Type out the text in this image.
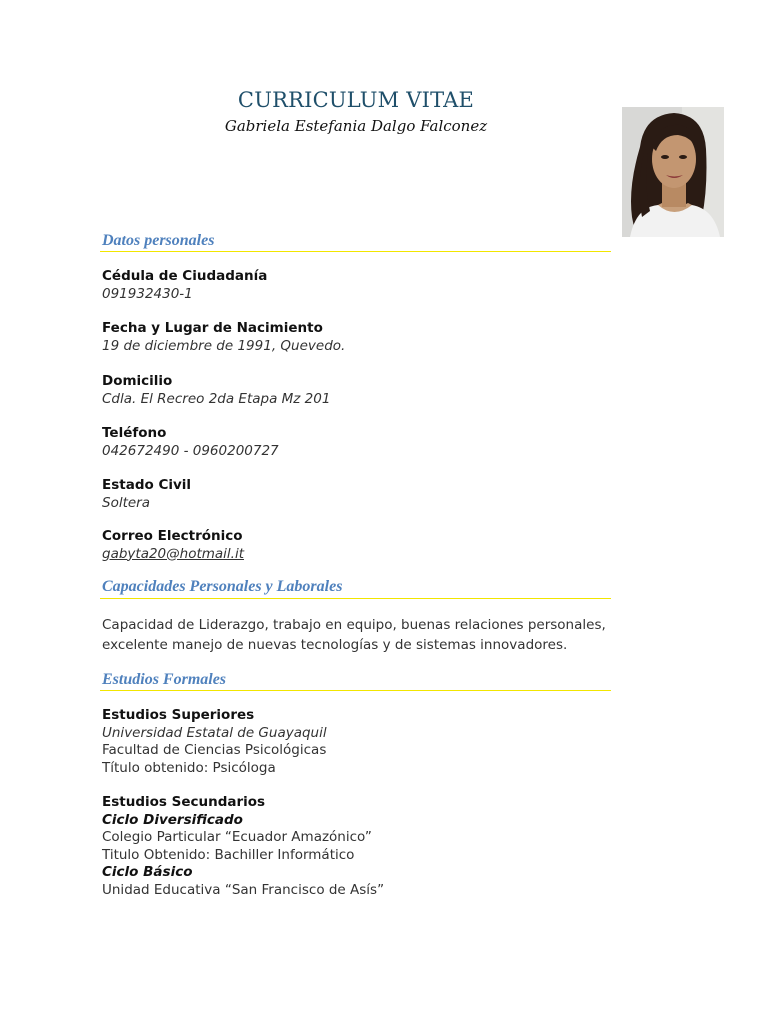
CURRICULUM VITAE
Gabriela Estefania Dalgo Falconez
Datos personales
Cédula de Ciudadanía
091932430-1
Fecha y Lugar de Nacimiento
19 de diciembre de 1991, Quevedo.
Domicilio
Cdla. El Recreo 2da Etapa Mz 201
Teléfono
042672490 - 0960200727
Estado Civil
Soltera
Correo Electrónico
gabyta20@hotmail.it
Capacidades Personales y Laborales
Capacidad de Liderazgo, trabajo en equipo, buenas relaciones personales,
excelente manejo de nuevas tecnologías y de sistemas innovadores.
Estudios Formales
Estudios Superiores
Universidad Estatal de Guayaquil
Facultad de Ciencias Psicológicas
Título obtenido: Psicóloga
Estudios Secundarios
Ciclo Diversificado
Colegio Particular “Ecuador Amazónico”
Titulo Obtenido: Bachiller Informático
Ciclo Básico
Unidad Educativa “San Francisco de Asís”
